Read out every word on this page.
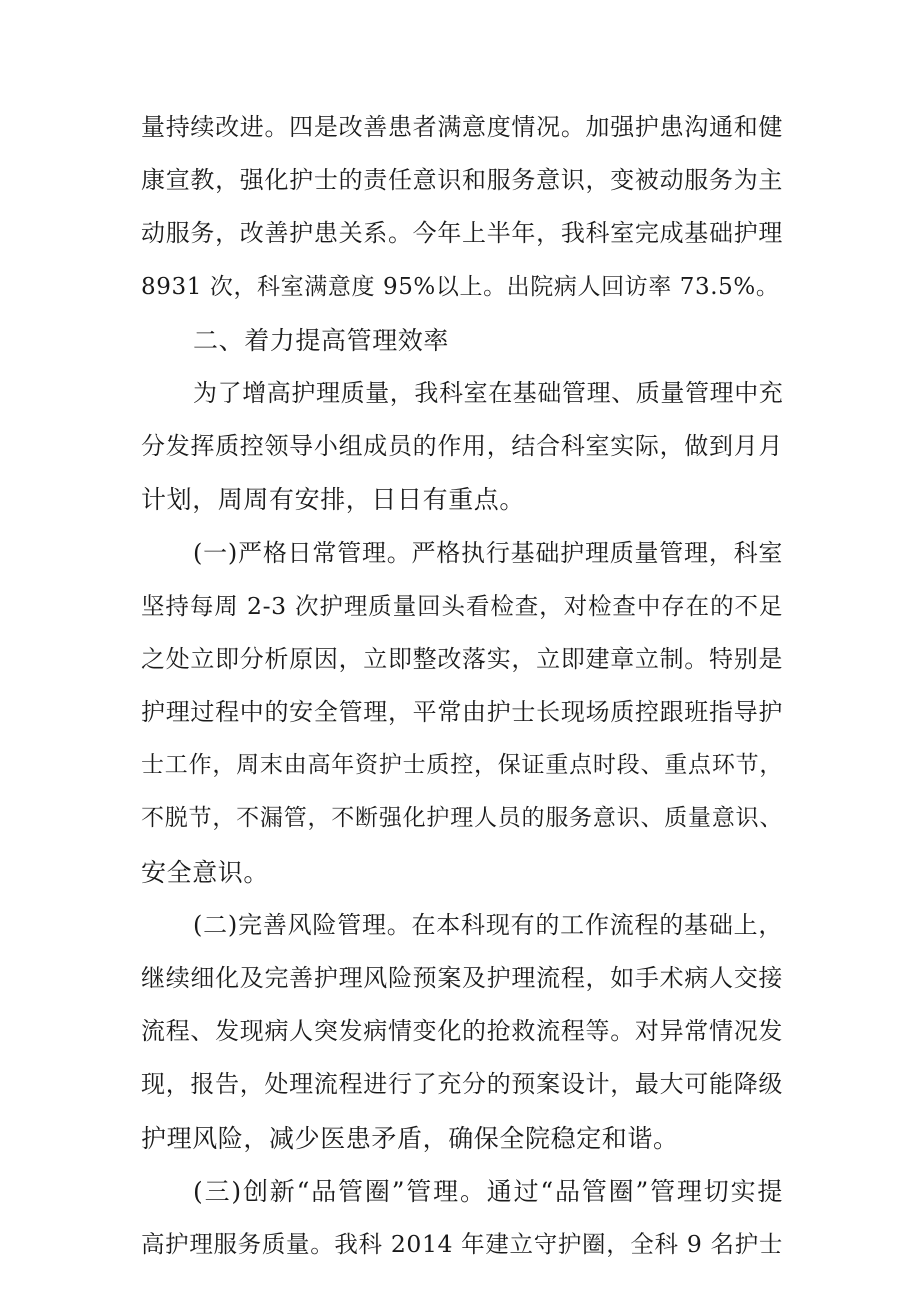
量持续改进。四是改善患者满意度情况。加强护患沟通和健
康宣教，强化护士的责任意识和服务意识，变被动服务为主
动服务，改善护患关系。今年上半年，我科室完成基础护理
8931 次，科室满意度 95%以上。出院病人回访率 73.5%。
二、着力提高管理效率
为了增高护理质量，我科室在基础管理、质量管理中充
分发挥质控领导小组成员的作用，结合科室实际，做到月月
计划，周周有安排，日日有重点。
(一)严格日常管理。严格执行基础护理质量管理，科室
坚持每周 2-3 次护理质量回头看检查，对检查中存在的不足
之处立即分析原因，立即整改落实，立即建章立制。特别是
护理过程中的安全管理，平常由护士长现场质控跟班指导护
士工作，周末由高年资护士质控，保证重点时段、重点环节，
不脱节，不漏管，不断强化护理人员的服务意识、质量意识、
安全意识。
(二)完善风险管理。在本科现有的工作流程的基础上，
继续细化及完善护理风险预案及护理流程，如手术病人交接
流程、发现病人突发病情变化的抢救流程等。对异常情况发
现，报告，处理流程进行了充分的预案设计，最大可能降级
护理风险，减少医患矛盾，确保全院稳定和谐。
(三)创新“品管圈”管理。通过“品管圈”管理切实提
高护理服务质量。我科 2014 年建立守护圈，全科 9 名护士
